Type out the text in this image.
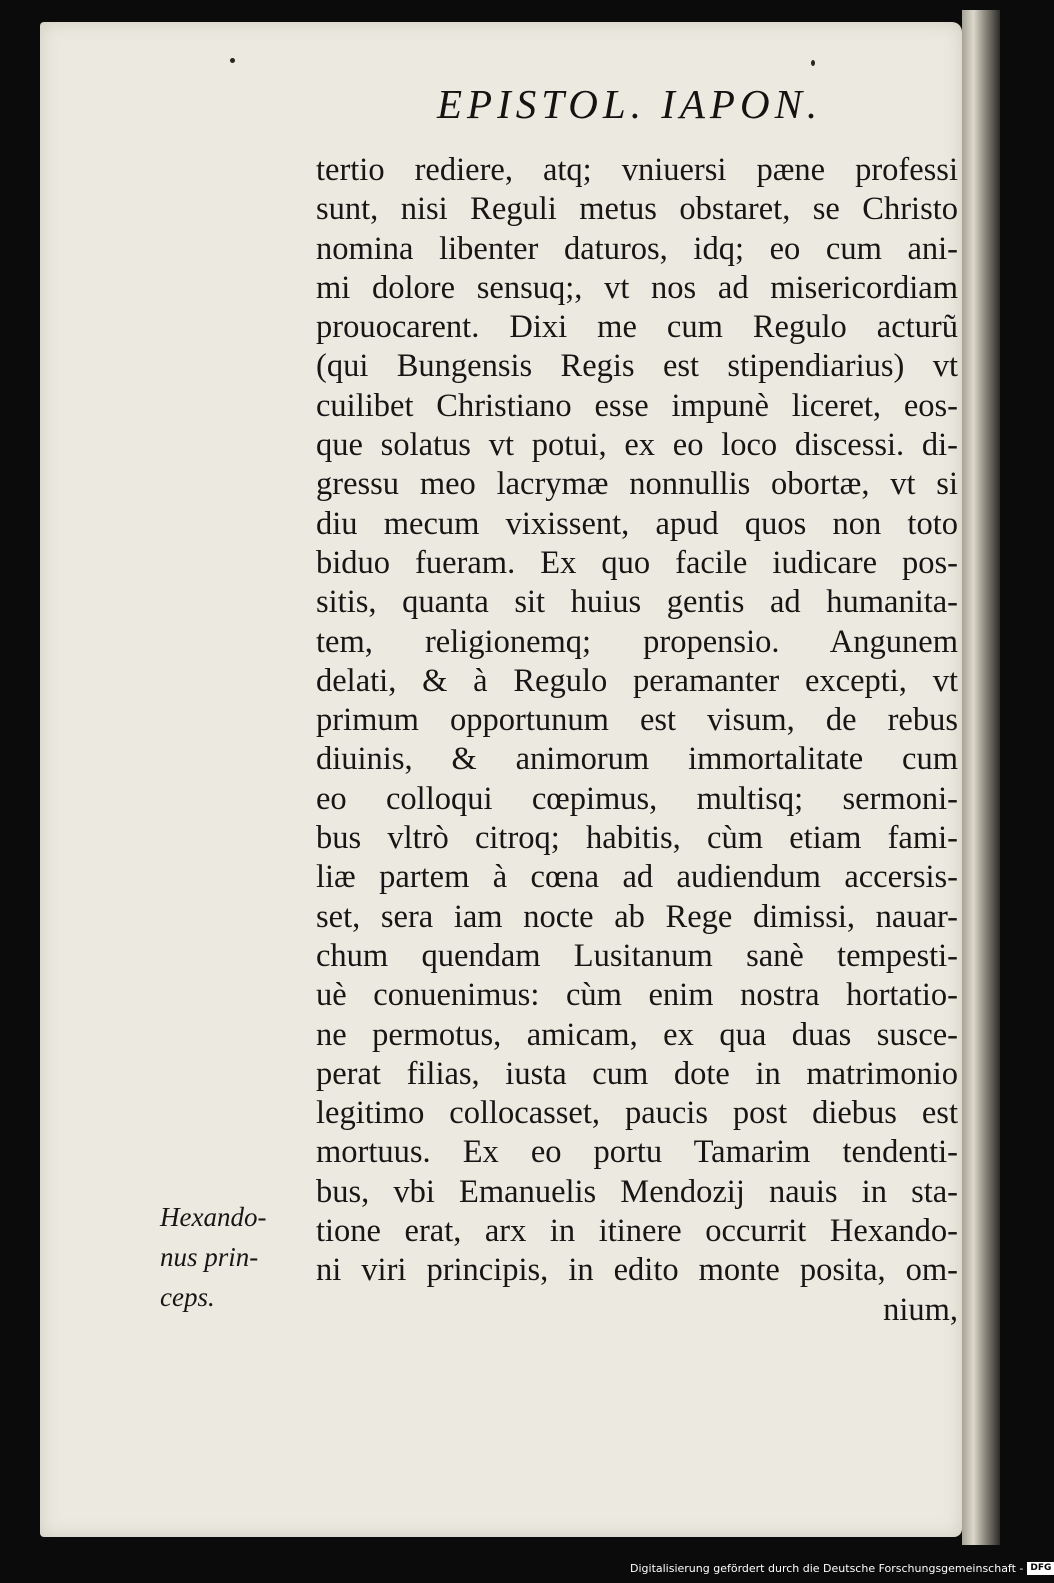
EPISTOL. IAPON.
tertio rediere, atq; vniuersi pæne professi
sunt, nisi Reguli metus obstaret, se Christo
nomina libenter daturos, idq; eo cum ani-
mi dolore sensuq;, vt nos ad misericordiam
prouocarent. Dixi me cum Regulo acturũ
(qui Bungensis Regis est stipendiarius) vt
cuilibet Christiano esse impunè liceret, eos-
que solatus vt potui, ex eo loco discessi. di-
gressu meo lacrymæ nonnullis obortæ, vt si
diu mecum vixissent, apud quos non toto
biduo fueram. Ex quo facile iudicare pos-
sitis, quanta sit huius gentis ad humanita-
tem, religionemq; propensio. Angunem
delati, & à Regulo peramanter excepti, vt
primum opportunum est visum, de rebus
diuinis, & animorum immortalitate cum
eo colloqui cœpimus, multisq; sermoni-
bus vltrò citroq; habitis, cùm etiam fami-
liæ partem à cœna ad audiendum accersis-
set, sera iam nocte ab Rege dimissi, nauar-
chum quendam Lusitanum sanè tempesti-
uè conuenimus: cùm enim nostra hortatio-
ne permotus, amicam, ex qua duas susce-
perat filias, iusta cum dote in matrimonio
legitimo collocasset, paucis post diebus est
mortuus. Ex eo portu Tamarim tendenti-
bus, vbi Emanuelis Mendozij nauis in sta-
tione erat, arx in itinere occurrit Hexando-
ni viri principis, in edito monte posita, om-
nium,
Hexando-
nus prin-
ceps.
Digitalisierung gefördert durch die Deutsche Forschungsgemeinschaft - DFG
